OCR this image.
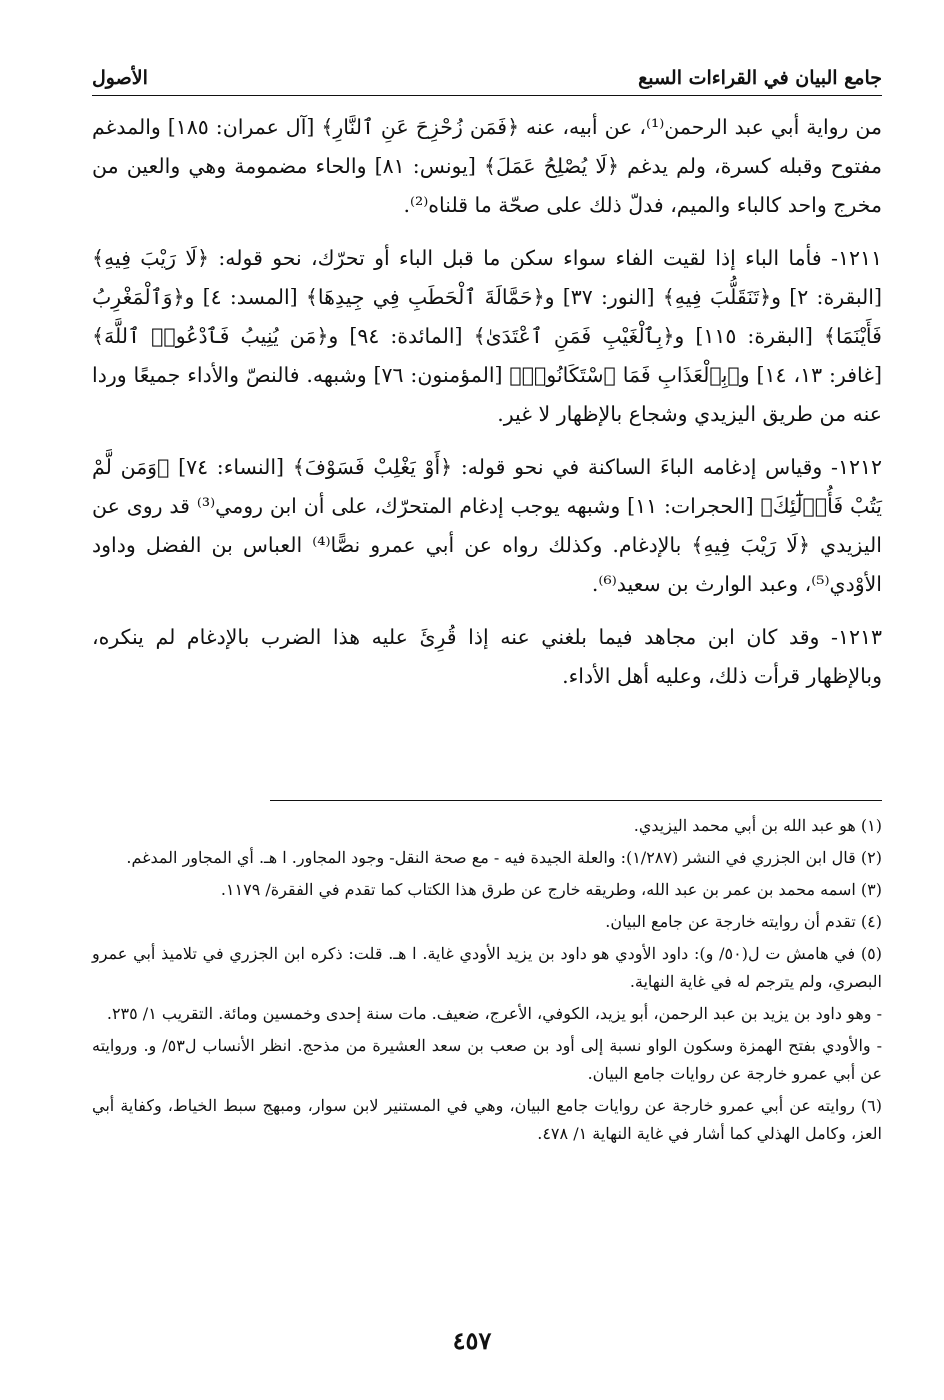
الأصول	جامع البيان في القراءات السبع

من رواية أبي عبد الرحمن⁽¹⁾، عن أبيه، عنه ﴿فَمَن زُحْزِحَ عَنِ ٱلنَّارِ﴾ [آل عمران: ١٨٥] والمدغم مفتوح وقبله كسرة، ولم يدغم ﴿لَا يُصْلِحُ عَمَلَ﴾ [يونس: ٨١] والحاء مضمومة وهي والعين من مخرج واحد كالباء والميم، فدلّ ذلك على صحّة ما قلناه⁽²⁾.

١٢١١- فأما الباء إذا لقيت الفاء سواء سكن ما قبل الباء أو تحرّك، نحو قوله: ﴿لَا رَيْبَ فِيهِ﴾ [البقرة: ٢] و﴿تَنَقَلُّبَ فِيهِ﴾ [النور: ٣٧] و﴿حَمَّالَةَ ٱلْحَطَبِ فِي جِيدِهَا﴾ [المسد: ٤] و﴿وَٱلْمَغْرِبُ فَأَيْنَمَا﴾ [البقرة: ١١٥] و﴿بِٱلْغَيْبِ فَمَنِ ٱعْتَدَىٰ﴾ [المائدة: ٩٤] و﴿مَن يُنِيبُ فَٱدْعُوا۟ ٱللَّهَ﴾ [غافر: ١٣، ١٤] و﴿بِٱلْعَذَابِ فَمَا ٱسْتَكَانُوا۟﴾ [المؤمنون: ٧٦] وشبهه. فالنصّ والأداء جميعًا وردا عنه من طريق اليزيدي وشجاع بالإظهار لا غير.

١٢١٢- وقياس إدغامه الباءَ الساكنة في نحو قوله: ﴿أَوْ يَغْلِبْ فَسَوْفَ﴾ [النساء: ٧٤] ﴿وَمَن لَّمْ يَتُبْ فَأُو۟لَٰٓئِكَ﴾ [الحجرات: ١١] وشبهه يوجب إدغام المتحرّك، على أن ابن رومي⁽³⁾ قد روى عن اليزيدي ﴿لَا رَيْبَ فِيهِ﴾ بالإدغام. وكذلك رواه عن أبي عمرو نصًّا⁽⁴⁾ العباس بن الفضل وداود الأوْدي⁽⁵⁾، وعبد الوارث بن سعيد⁽⁶⁾.

١٢١٣- وقد كان ابن مجاهد فيما بلغني عنه إذا قُرِئَ عليه هذا الضرب بالإدغام لم ينكره، وبالإظهار قرأت ذلك، وعليه أهل الأداء.

(١) هو عبد الله بن أبي محمد اليزيدي.

(٢) قال ابن الجزري في النشر (١/٢٨٧): والعلة الجيدة فيه - مع صحة النقل- وجود المجاور. ا هـ. أي المجاور المدغم.

(٣) اسمه محمد بن عمر بن عبد الله، وطريقه خارج عن طرق هذا الكتاب كما تقدم في الفقرة/ ١١٧٩.

(٤) تقدم أن روايته خارجة عن جامع البيان.

(٥) في هامش ت ل(٥٠/ و): داود الأودي هو داود بن يزيد الأودي غاية. ا هـ. قلت: ذكره ابن الجزري في تلاميذ أبي عمرو البصري، ولم يترجم له في غاية النهاية.

- وهو داود بن يزيد بن عبد الرحمن، أبو يزيد، الكوفي، الأعرج، ضعيف. مات سنة إحدى وخمسين ومائة. التقريب ١/ ٢٣٥.

- والأودي بفتح الهمزة وسكون الواو نسبة إلى أود بن صعب بن سعد العشيرة من مذحج. انظر الأنساب ل٥٣/ و. وروايته عن أبي عمرو خارجة عن روايات جامع البيان.

(٦) روايته عن أبي عمرو خارجة عن روايات جامع البيان، وهي في المستنير لابن سوار، ومبهج سبط الخياط، وكفاية أبي العز، وكامل الهذلي كما أشار في غاية النهاية ١/ ٤٧٨.

٤٥٧
